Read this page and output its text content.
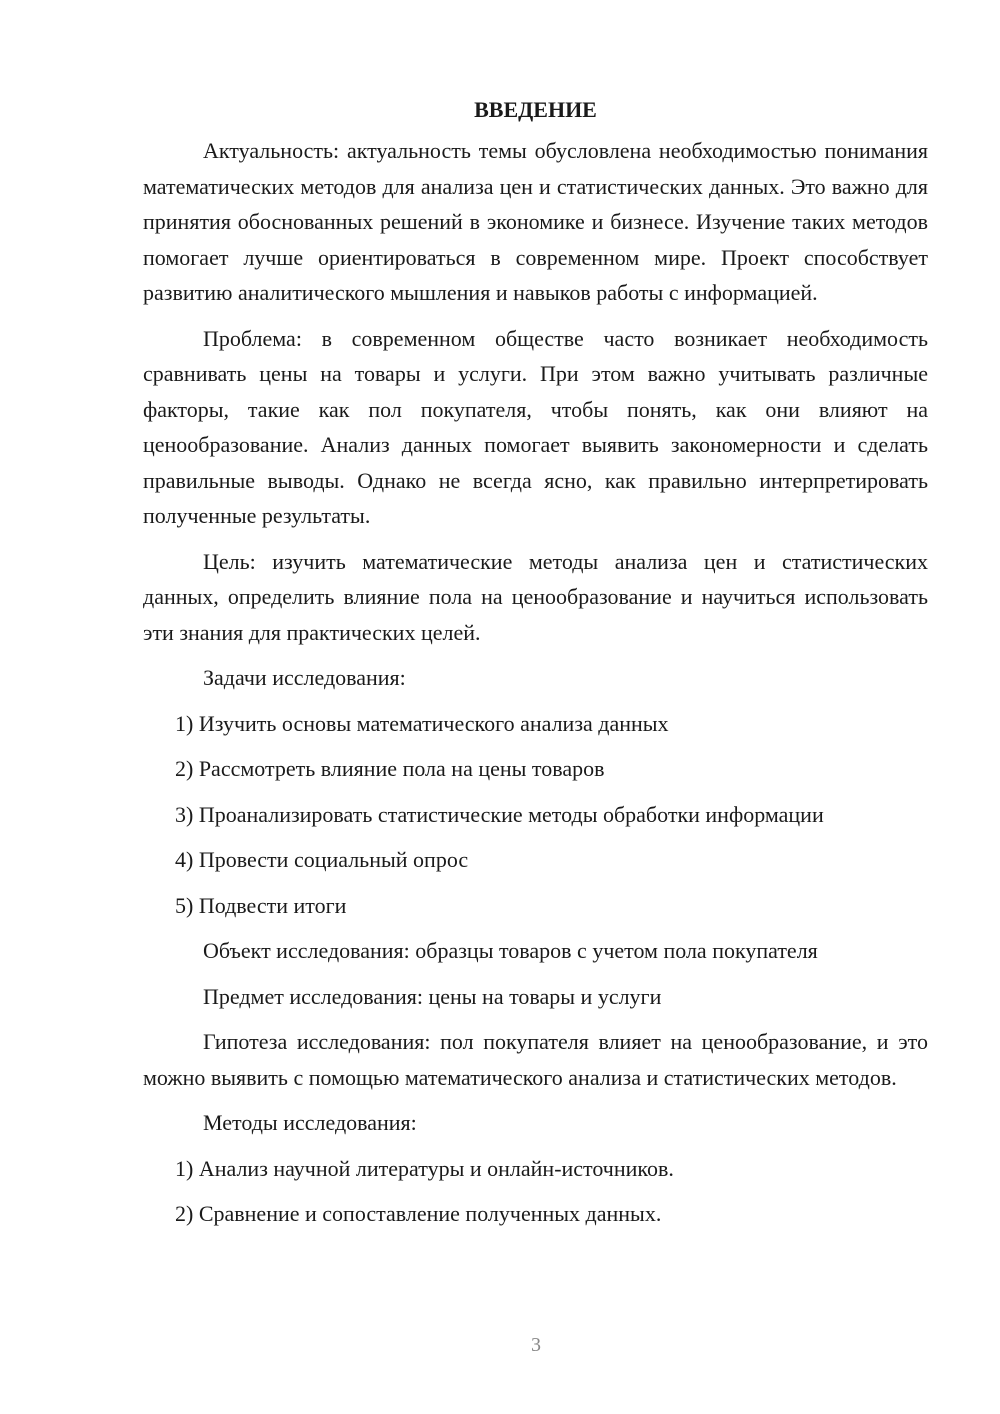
ВВЕДЕНИЕ

Актуальность: актуальность темы обусловлена необходимостью понимания математических методов для анализа цен и статистических данных. Это важно для принятия обоснованных решений в экономике и бизнесе. Изучение таких методов помогает лучше ориентироваться в современном мире. Проект способствует развитию аналитического мышления и навыков работы с информацией.

Проблема: в современном обществе часто возникает необходимость сравнивать цены на товары и услуги. При этом важно учитывать различные факторы, такие как пол покупателя, чтобы понять, как они влияют на ценообразование. Анализ данных помогает выявить закономерности и сделать правильные выводы. Однако не всегда ясно, как правильно интерпретировать полученные результаты.

Цель: изучить математические методы анализа цен и статистических данных, определить влияние пола на ценообразование и научиться использовать эти знания для практических целей.

Задачи исследования:

1) Изучить основы математического анализа данных
2) Рассмотреть влияние пола на цены товаров
3) Проанализировать статистические методы обработки информации
4) Провести социальный опрос
5) Подвести итоги

Объект исследования: образцы товаров с учетом пола покупателя

Предмет исследования: цены на товары и услуги

Гипотеза исследования: пол покупателя влияет на ценообразование, и это можно выявить с помощью математического анализа и статистических методов.

Методы исследования:

1) Анализ научной литературы и онлайн-источников.
2) Сравнение и сопоставление полученных данных.
3
